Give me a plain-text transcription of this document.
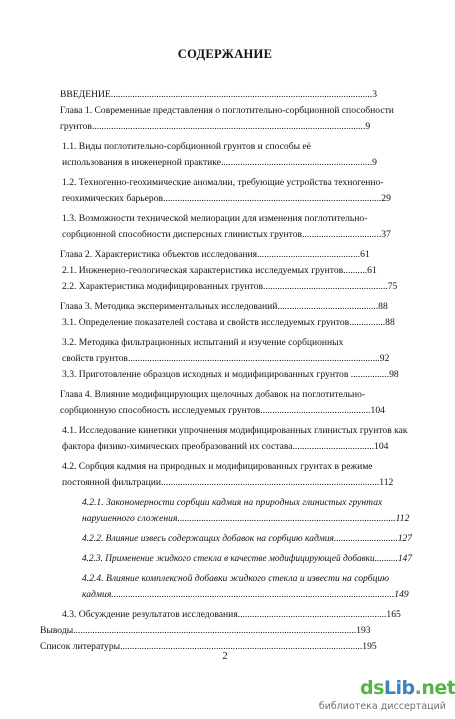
СОДЕРЖАНИЕ
ВВЕДЕНИЕ.............................................................................................................3
Глава 1. Современные представления о поглотительно-сорбционной способности
грунтов..................................................................................................................9
1.1. Виды поглотительно-сорбционной грунтов и способы её
использования в инженерной практике...............................................................9
1.2. Техногенно-геохимические аномалии, требующие устройства техногенно-
геохимических барьеров...........................................................................................29
1.3. Возможности технической мелиорации для изменения поглотительно-
сорбционной способности дисперсных глинистых грунтов.................................37
Глава 2. Характеристика объектов исследования...........................................61
2.1. Инженерно-геологическая характеристика исследуемых грунтов..........61
2.2. Характеристика модифицированных грунтов....................................................75
Глава 3. Методика экспериментальных исследований..........................................88
3.1. Определение показателей состава и свойств исследуемых грунтов...............88
3.2. Методика фильтрационных испытаний и изучение сорбционных
свойств грунтов.........................................................................................................92
3.3. Приготовление образцов исходных и модифицированных грунтов ................98
Глава 4. Влияние модифицирующих щелочных добавок на поглотительно-
сорбционную способность исследуемых грунтов..............................................104
4.1. Исследование кинетики упрочнения модифицированных глинистых грунтов как
фактора физико-химических преобразований их состава..................................104
4.2. Сорбция кадмия на природных и модифицированных грунтах в режиме
постоянной фильтрации...........................................................................................112
4.2.1. Закономерности сорбции кадмия на природных глинистых грунтах
нарушенного сложения...........................................................................................112
4.2.2. Влияние извесь содержащих добавок на сорбцию кадмия...........................127
4.2.3. Применение жидкого стекла в качестве модифицирующей добавки..........147
4.2.4. Влияние комплексной добавки жидкого стекла и извести на сорбцию
кадмия......................................................................................................................149
4.3. Обсуждение результатов исследования..............................................................165
Выводы......................................................................................................................193
Список литературы.....................................................................................................195
2
dsLib.net
библиотека диссертаций
